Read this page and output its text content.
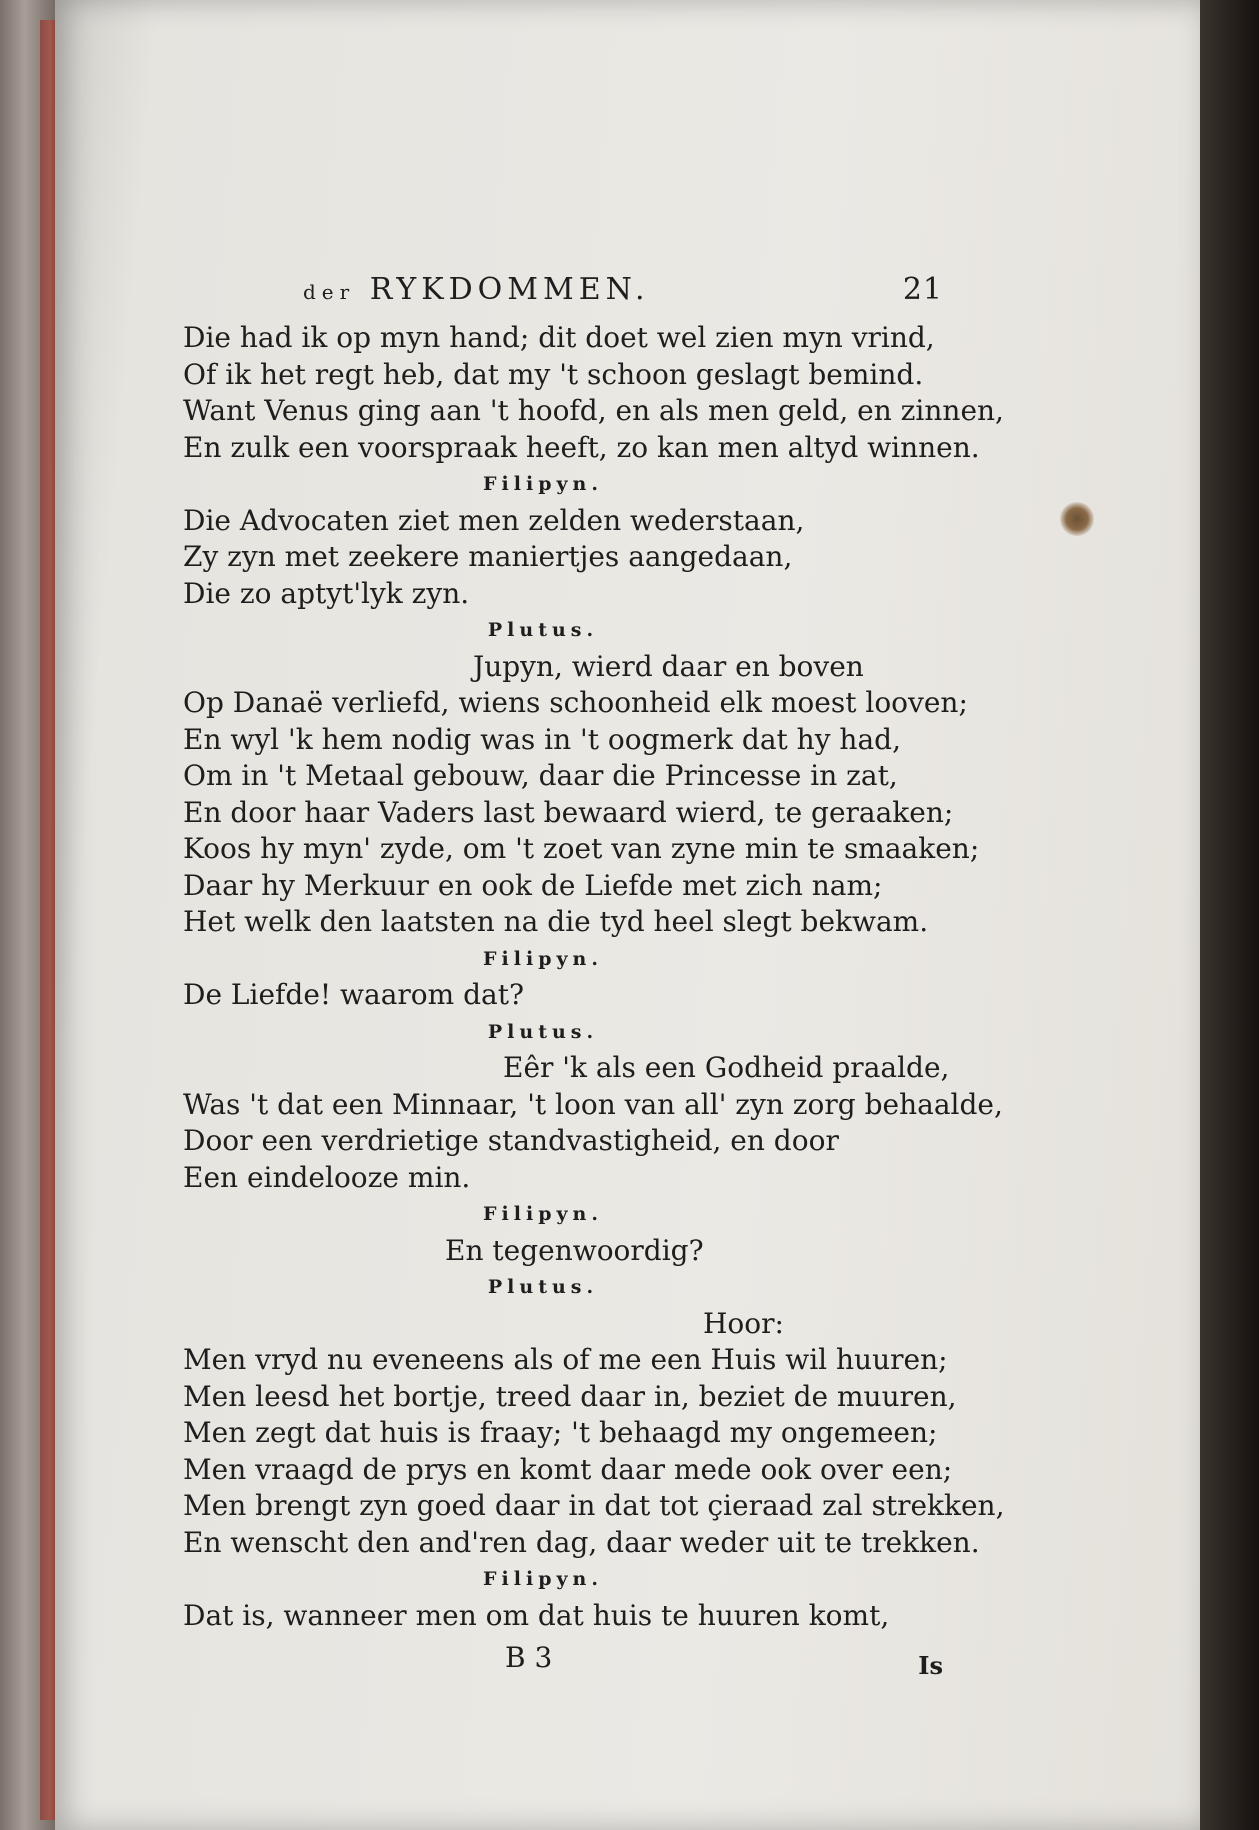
der RYKDOMMEN.	21
Die had ik op myn hand; dit doet wel zien myn vrind,
Of ik het regt heb, dat my 't schoon geslagt bemind.
Want Venus ging aan 't hoofd, en als men geld, en zinnen,
En zulk een voorspraak heeft, zo kan men altyd winnen.
Filipyn.
Die Advocaten ziet men zelden wederstaan,
Zy zyn met zeekere maniertjes aangedaan,
Die zo aptyt'lyk zyn.
Plutus.
Jupyn, wierd daar en boven
Op Danaë verliefd, wiens schoonheid elk moest looven;
En wyl 'k hem nodig was in 't oogmerk dat hy had,
Om in 't Metaal gebouw, daar die Princesse in zat,
En door haar Vaders last bewaard wierd, te geraaken;
Koos hy myn' zyde, om 't zoet van zyne min te smaaken;
Daar hy Merkuur en ook de Liefde met zich nam;
Het welk den laatsten na die tyd heel slegt bekwam.
Filipyn.
De Liefde! waarom dat?
Plutus.
Eêr 'k als een Godheid praalde,
Was 't dat een Minnaar, 't loon van all' zyn zorg behaalde,
Door een verdrietige standvastigheid, en door
Een eindelooze min.
Filipyn.
En tegenwoordig?
Plutus.
Hoor:
Men vryd nu eveneens als of me een Huis wil huuren;
Men leesd het bortje, treed daar in, beziet de muuren,
Men zegt dat huis is fraay; 't behaagd my ongemeen;
Men vraagd de prys en komt daar mede ook over een;
Men brengt zyn goed daar in dat tot çieraad zal strekken,
En wenscht den and'ren dag, daar weder uit te trekken.
Filipyn.
Dat is, wanneer men om dat huis te huuren komt,
B 3	Is
